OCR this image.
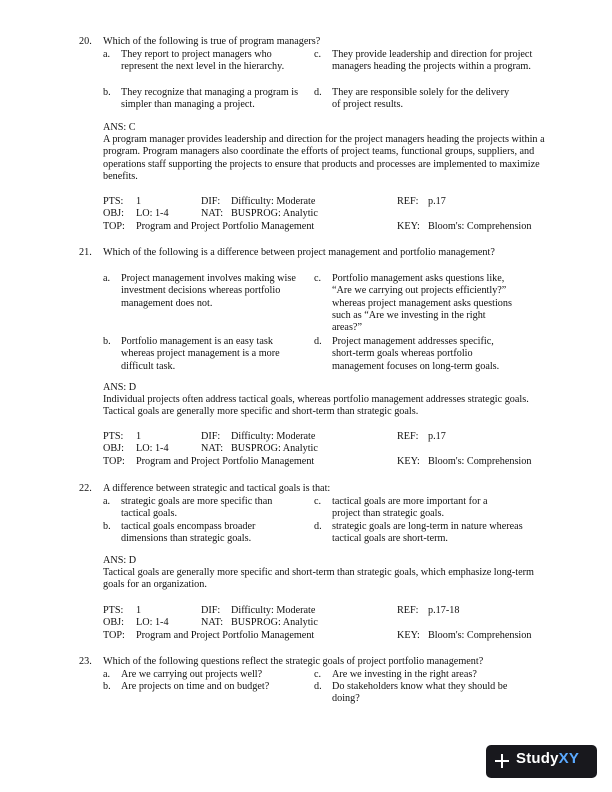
20. Which of the following is true of program managers?
a. They report to project managers who represent the next level in the hierarchy.
c. They provide leadership and direction for project managers heading the projects within a program.
b. They recognize that managing a program is simpler than managing a project.
d. They are responsible solely for the delivery of project results.
ANS: C
A program manager provides leadership and direction for the project managers heading the projects within a program. Program managers also coordinate the efforts of project teams, functional groups, suppliers, and operations staff supporting the projects to ensure that products and processes are implemented to maximize benefits.
PTS: 1	DIF: Difficulty: Moderate	REF: p.17
OBJ: LO: 1-4	NAT: BUSPROG: Analytic
TOP: Program and Project Portfolio Management	KEY: Bloom's: Comprehension
21. Which of the following is a difference between project management and portfolio management?
a. Project management involves making wise investment decisions whereas portfolio management does not.
c. Portfolio management asks questions like, “Are we carrying out projects efficiently?” whereas project management asks questions such as “Are we investing in the right areas?”
b. Portfolio management is an easy task whereas project management is a more difficult task.
d. Project management addresses specific, short-term goals whereas portfolio management focuses on long-term goals.
ANS: D
Individual projects often address tactical goals, whereas portfolio management addresses strategic goals. Tactical goals are generally more specific and short-term than strategic goals.
PTS: 1	DIF: Difficulty: Moderate	REF: p.17
OBJ: LO: 1-4	NAT: BUSPROG: Analytic
TOP: Program and Project Portfolio Management	KEY: Bloom's: Comprehension
22. A difference between strategic and tactical goals is that:
a. strategic goals are more specific than tactical goals.
c. tactical goals are more important for a project than strategic goals.
b. tactical goals encompass broader dimensions than strategic goals.
d. strategic goals are long-term in nature whereas tactical goals are short-term.
ANS: D
Tactical goals are generally more specific and short-term than strategic goals, which emphasize long-term goals for an organization.
PTS: 1	DIF: Difficulty: Moderate	REF: p.17-18
OBJ: LO: 1-4	NAT: BUSPROG: Analytic
TOP: Program and Project Portfolio Management	KEY: Bloom's: Comprehension
23. Which of the following questions reflect the strategic goals of project portfolio management?
a. Are we carrying out projects well?	c. Are we investing in the right areas?
b. Are projects on time and on budget?	d. Do stakeholders know what they should be doing?
StudyXY
